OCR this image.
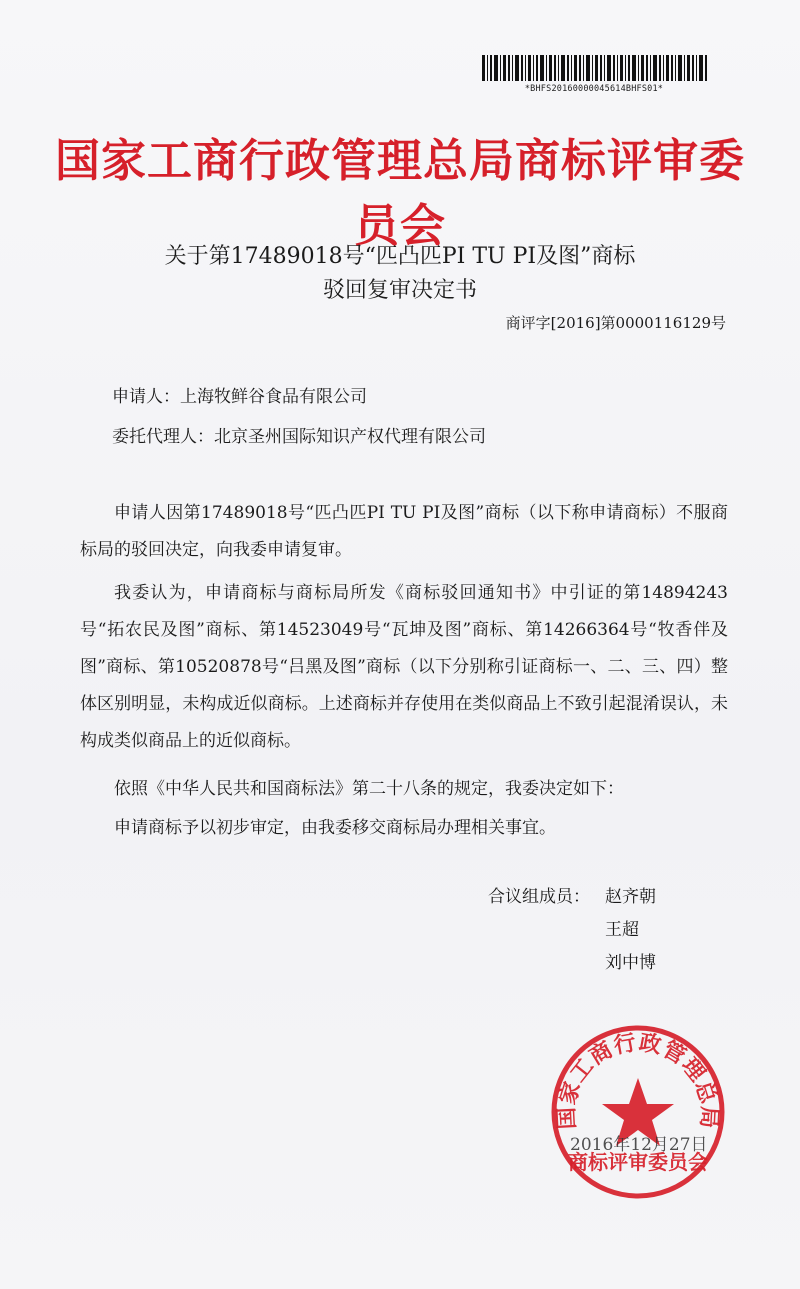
*BHFS20160000045614BHFS01*
国家工商行政管理总局商标评审委员会
关于第17489018号“匹凸匹PI TU PI及图”商标
驳回复审决定书
商评字[2016]第0000116129号
申请人：上海牧鲜谷食品有限公司
委托代理人：北京圣州国际知识产权代理有限公司

申请人因第17489018号“匹凸匹PI TU PI及图”商标（以下称申请商标）不服商标局的驳回决定，向我委申请复审。

我委认为，申请商标与商标局所发《商标驳回通知书》中引证的第14894243号“拓农民及图”商标、第14523049号“瓦坤及图”商标、第14266364号“牧香伴及图”商标、第10520878号“吕黑及图”商标（以下分别称引证商标一、二、三、四）整体区别明显，未构成近似商标。上述商标并存使用在类似商品上不致引起混淆误认，未构成类似商品上的近似商标。

依照《中华人民共和国商标法》第二十八条的规定，我委决定如下：

申请商标予以初步审定，由我委移交商标局办理相关事宜。

合议组成员： 赵齐朝
王超
刘中博
国家工商行政管理总局
商标评审委员会
2016年12月27日
